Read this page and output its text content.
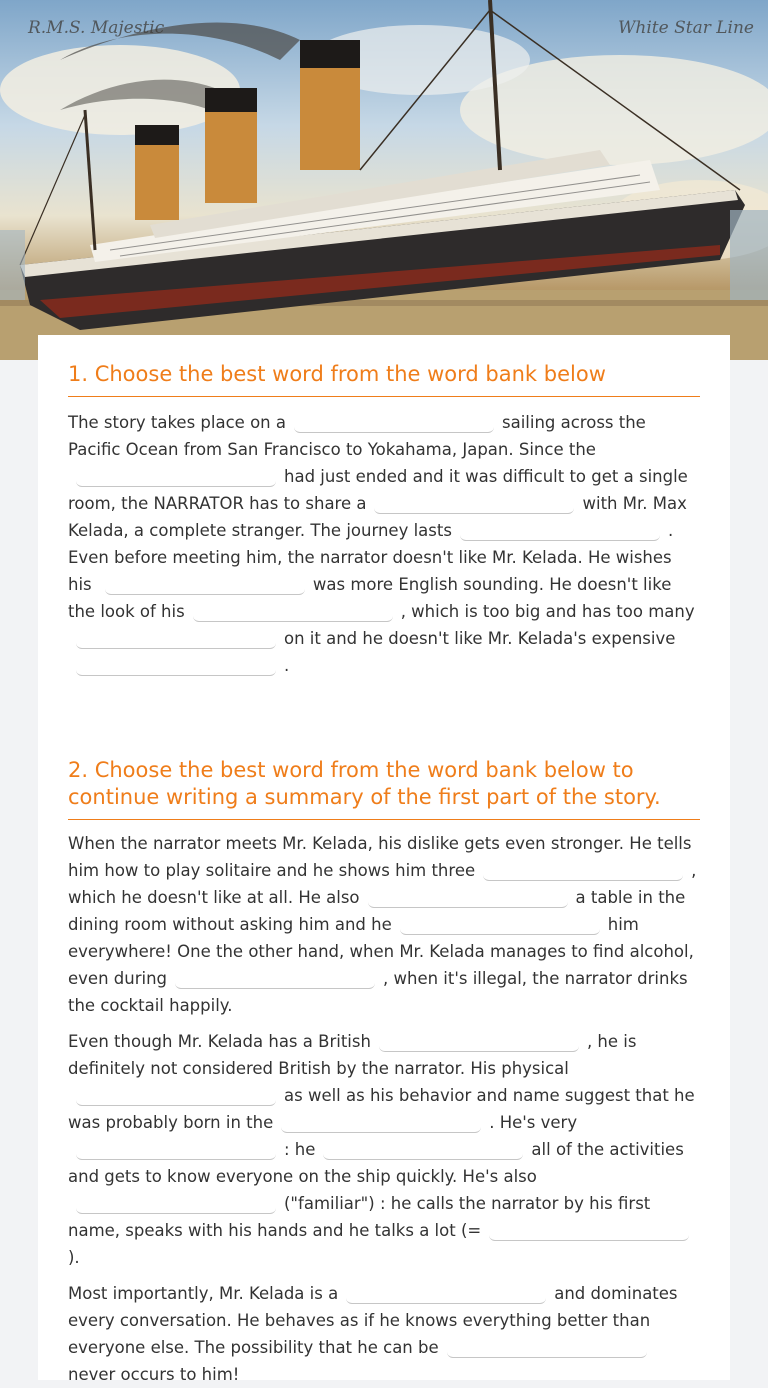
R.M.S. Majestic	White Star Line
1. Choose the best word from the word bank below

The story takes place on a	sailing across the Pacific Ocean from San Francisco to Yokahama, Japan. Since the had just ended and it was difficult to get a single room, the NARRATOR has to share a	with Mr. Max Kelada, a complete stranger. The journey lasts	. Even before meeting him, the narrator doesn't like Mr. Kelada. He wishes his	was more English sounding. He doesn't like the look of his	, which is too big and has too many on it and he doesn't like Mr. Kelada's expensive .

2. Choose the best word from the word bank below to continue writing a summary of the first part of the story.

When the narrator meets Mr. Kelada, his dislike gets even stronger. He tells him how to play solitaire and he shows him three	, which he doesn't like at all. He also	a table in the dining room without asking him and he	him everywhere! One the other hand, when Mr. Kelada manages to find alcohol, even during	, when it's illegal, the narrator drinks the cocktail happily.

Even though Mr. Kelada has a British	, he is definitely not considered British by the narrator. His physical as well as his behavior and name suggest that he was probably born in the	. He's very : he	all of the activities and gets to know everyone on the ship quickly. He's also ("familiar") : he calls the narrator by his first name, speaks with his hands and he talks a lot (=).

Most importantly, Mr. Kelada is a	and dominates every conversation. He behaves as if he knows everything better than everyone else. The possibility that he can be never occurs to him!
